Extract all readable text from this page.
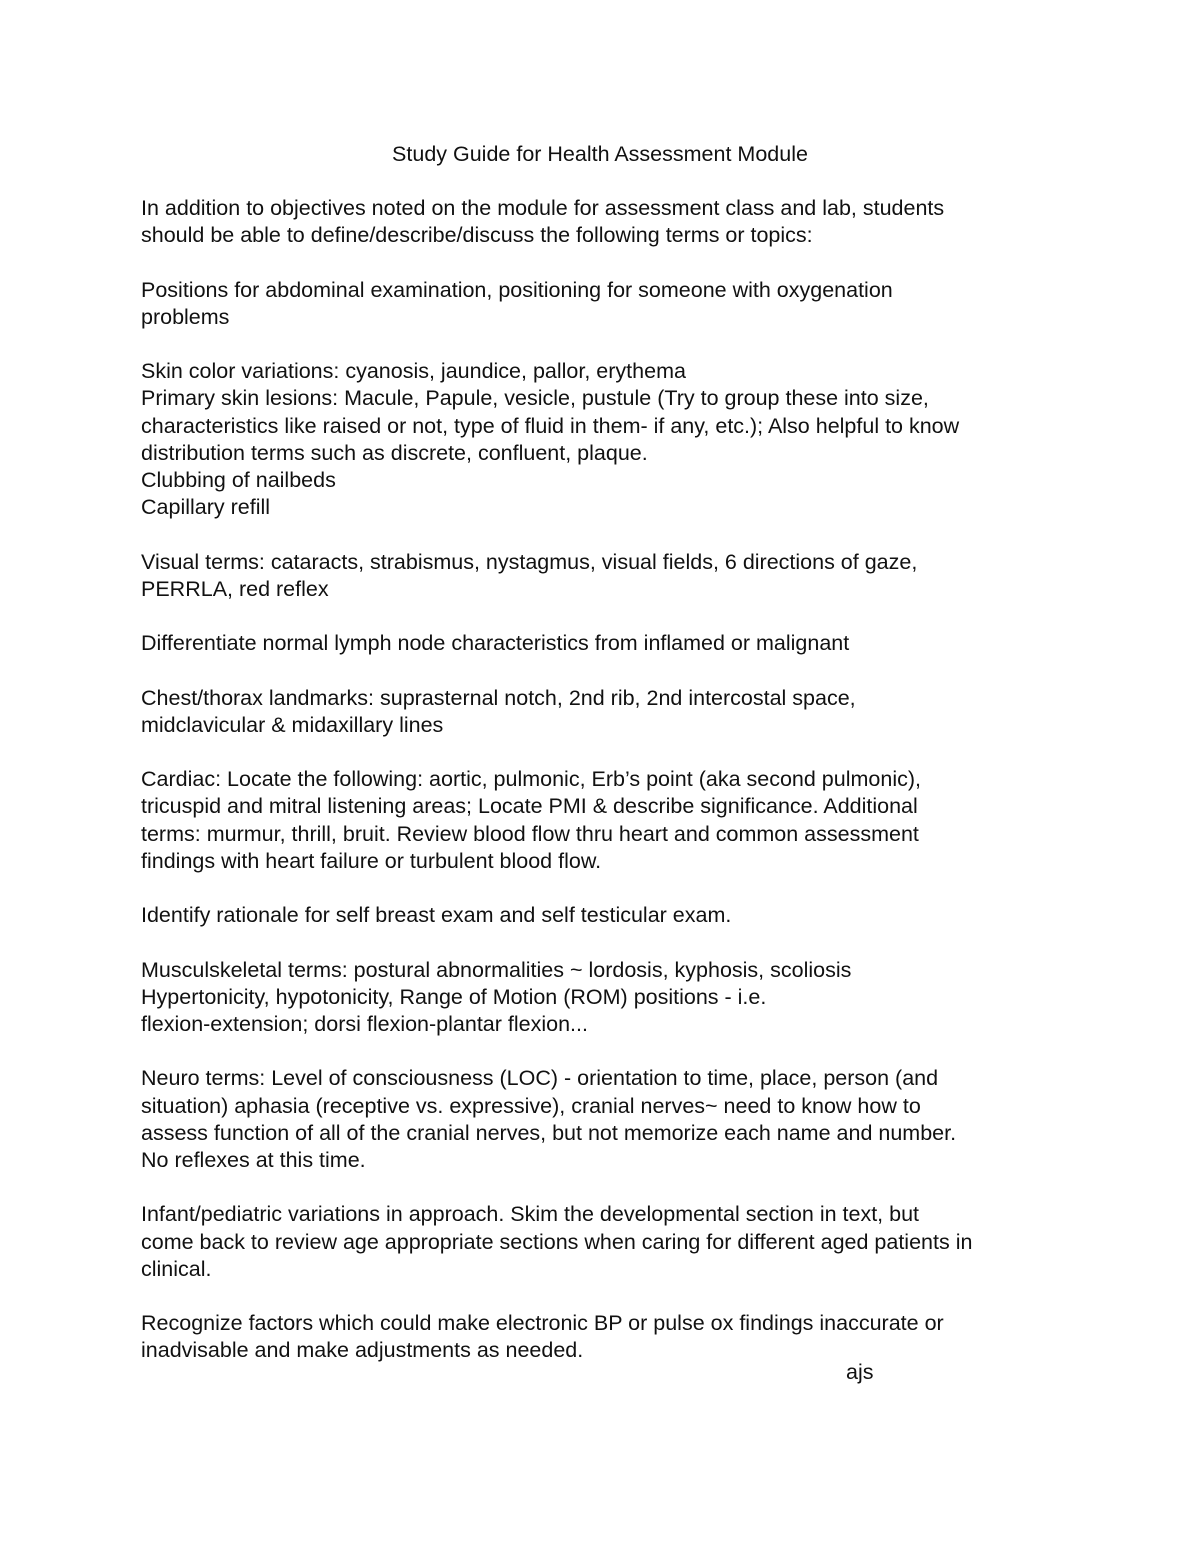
Study Guide for Health Assessment Module

In addition to objectives noted on the module for assessment class and lab, students
should be able to define/describe/discuss the following terms or topics:

Positions for abdominal examination, positioning for someone with oxygenation
problems

Skin color variations: cyanosis, jaundice, pallor, erythema
Primary skin lesions: Macule, Papule, vesicle, pustule (Try to group these into size,
characteristics like raised or not, type of fluid in them- if any, etc.); Also helpful to know
distribution terms such as discrete, confluent, plaque.
Clubbing of nailbeds
Capillary refill

Visual terms: cataracts, strabismus, nystagmus, visual fields, 6 directions of gaze,
PERRLA, red reflex

Differentiate normal lymph node characteristics from inflamed or malignant

Chest/thorax landmarks: suprasternal notch, 2nd rib, 2nd intercostal space,
midclavicular & midaxillary lines

Cardiac: Locate the following: aortic, pulmonic, Erb’s point (aka second pulmonic),
tricuspid and mitral listening areas; Locate PMI & describe significance. Additional
terms: murmur, thrill, bruit. Review blood flow thru heart and common assessment
findings with heart failure or turbulent blood flow.

Identify rationale for self breast exam and self testicular exam.

Musculskeletal terms: postural abnormalities ~ lordosis, kyphosis, scoliosis
Hypertonicity, hypotonicity, Range of Motion (ROM) positions - i.e.
flexion-extension; dorsi flexion-plantar flexion...

Neuro terms: Level of consciousness (LOC) - orientation to time, place, person (and
situation) aphasia (receptive vs. expressive), cranial nerves~ need to know how to
assess function of all of the cranial nerves, but not memorize each name and number.
No reflexes at this time.

Infant/pediatric variations in approach. Skim the developmental section in text, but
come back to review age appropriate sections when caring for different aged patients in
clinical.

Recognize factors which could make electronic BP or pulse ox findings inaccurate or
inadvisable and make adjustments as needed.

ajs
